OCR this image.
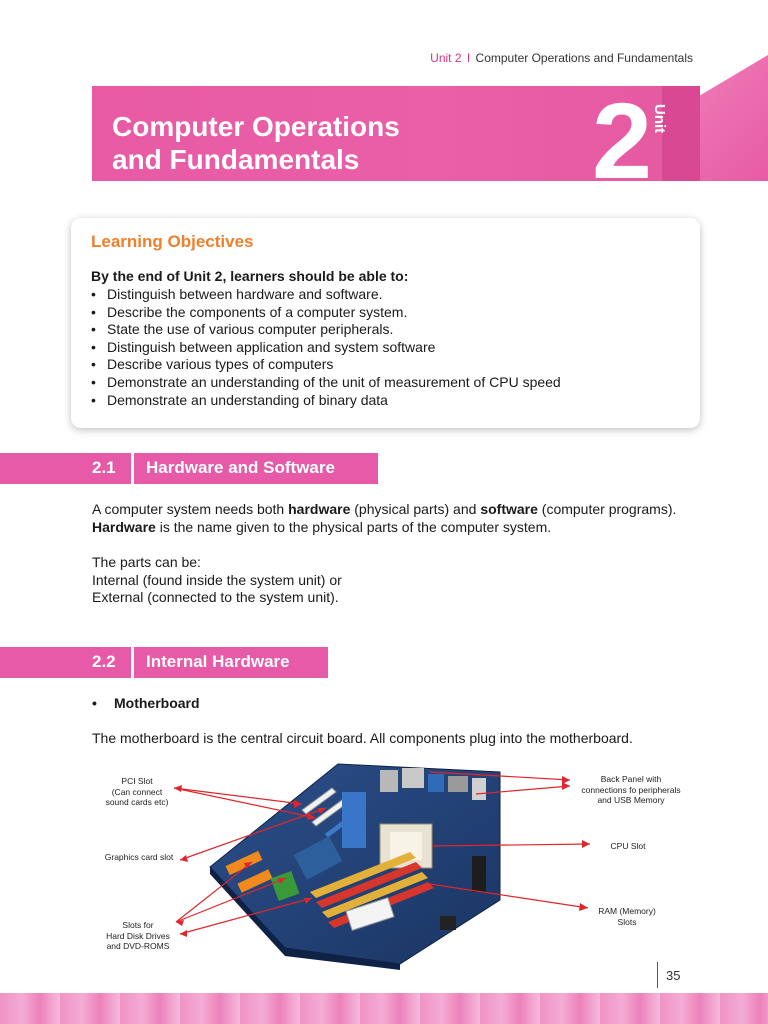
Unit 2 I Computer Operations and Fundamentals
Computer Operations
and Fundamentals	2
Unit
Learning Objectives
By the end of Unit 2, learners should be able to:
• Distinguish between hardware and software.
• Describe the components of a computer system.
• State the use of various computer peripherals.
• Distinguish between application and system software
• Describe various types of computers
• Demonstrate an understanding of the unit of measurement of CPU speed
• Demonstrate an understanding of binary data
2.1 Hardware and Software
A computer system needs both hardware (physical parts) and software (computer programs).
Hardware is the name given to the physical parts of the computer system.
The parts can be:
Internal (found inside the system unit) or
External (connected to the system unit).
2.2 Internal Hardware
• Motherboard
The motherboard is the central circuit board. All components plug into the motherboard.
PCI Slot
(Can connect
sound cards etc)
Graphics card slot
Slots for
Hard Disk Drives
and DVD-ROMS
Back Panel with
connections fo peripherals
and USB Memory
CPU Slot
RAM (Memory)
Slots
35
